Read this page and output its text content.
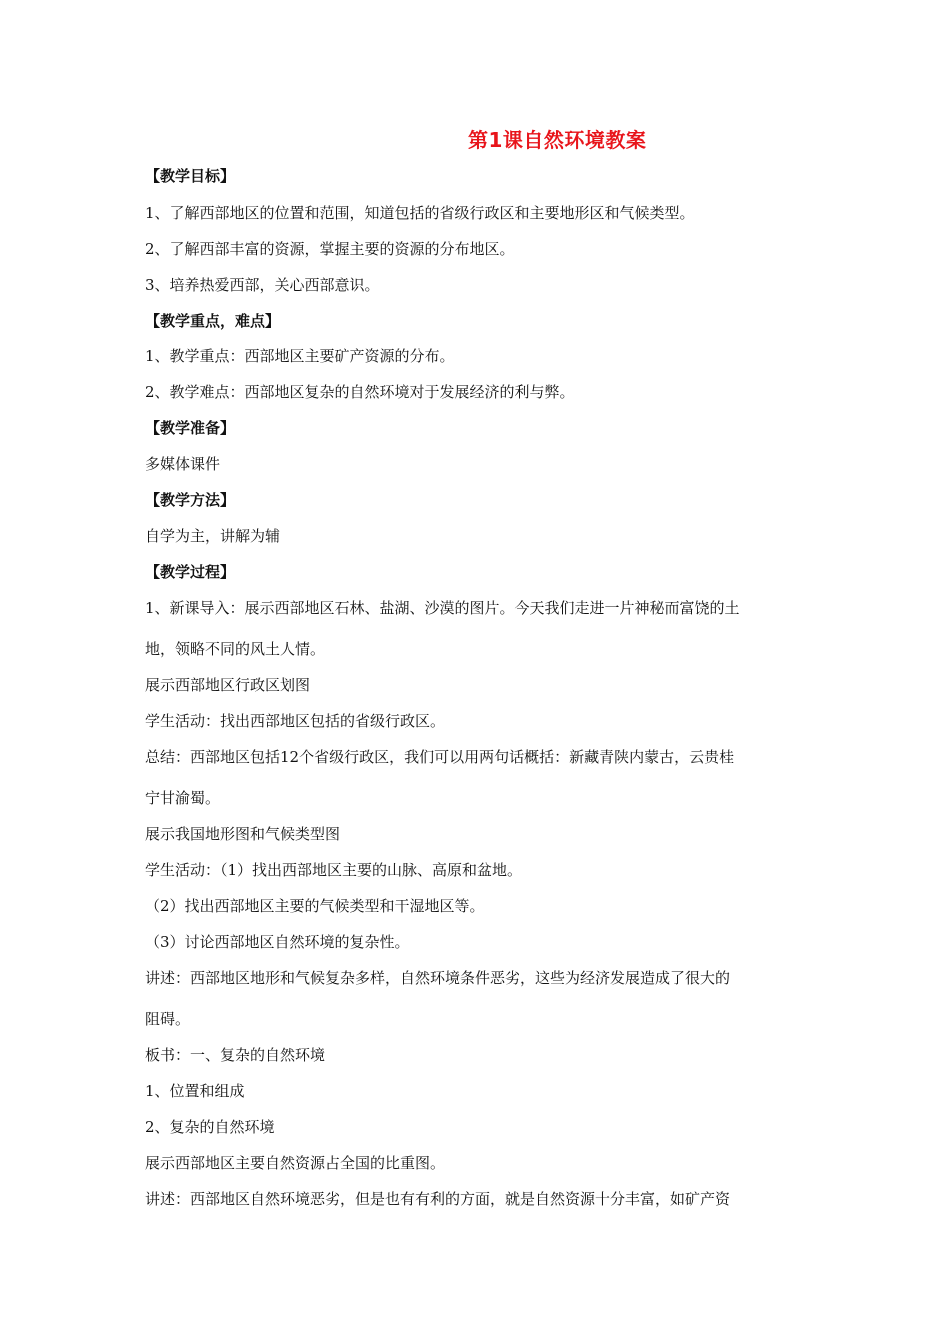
第1课自然环境教案
【教学目标】
1、了解西部地区的位置和范围，知道包括的省级行政区和主要地形区和气候类型。
2、了解西部丰富的资源，掌握主要的资源的分布地区。
3、培养热爱西部，关心西部意识。
【教学重点，难点】
1、教学重点：西部地区主要矿产资源的分布。
2、教学难点：西部地区复杂的自然环境对于发展经济的利与弊。
【教学准备】
多媒体课件
【教学方法】
自学为主，讲解为辅
【教学过程】
1、新课导入：展示西部地区石林、盐湖、沙漠的图片。今天我们走进一片神秘而富饶的土
地，领略不同的风土人情。
展示西部地区行政区划图
学生活动：找出西部地区包括的省级行政区。
总结：西部地区包括12个省级行政区，我们可以用两句话概括：新藏青陕内蒙古，云贵桂
宁甘渝蜀。
展示我国地形图和气候类型图
学生活动：（1）找出西部地区主要的山脉、高原和盆地。
（2）找出西部地区主要的气候类型和干湿地区等。
（3）讨论西部地区自然环境的复杂性。
讲述：西部地区地形和气候复杂多样，自然环境条件恶劣，这些为经济发展造成了很大的
阻碍。
板书：一、复杂的自然环境
1、位置和组成
2、复杂的自然环境
展示西部地区主要自然资源占全国的比重图。
讲述：西部地区自然环境恶劣，但是也有有利的方面，就是自然资源十分丰富，如矿产资
